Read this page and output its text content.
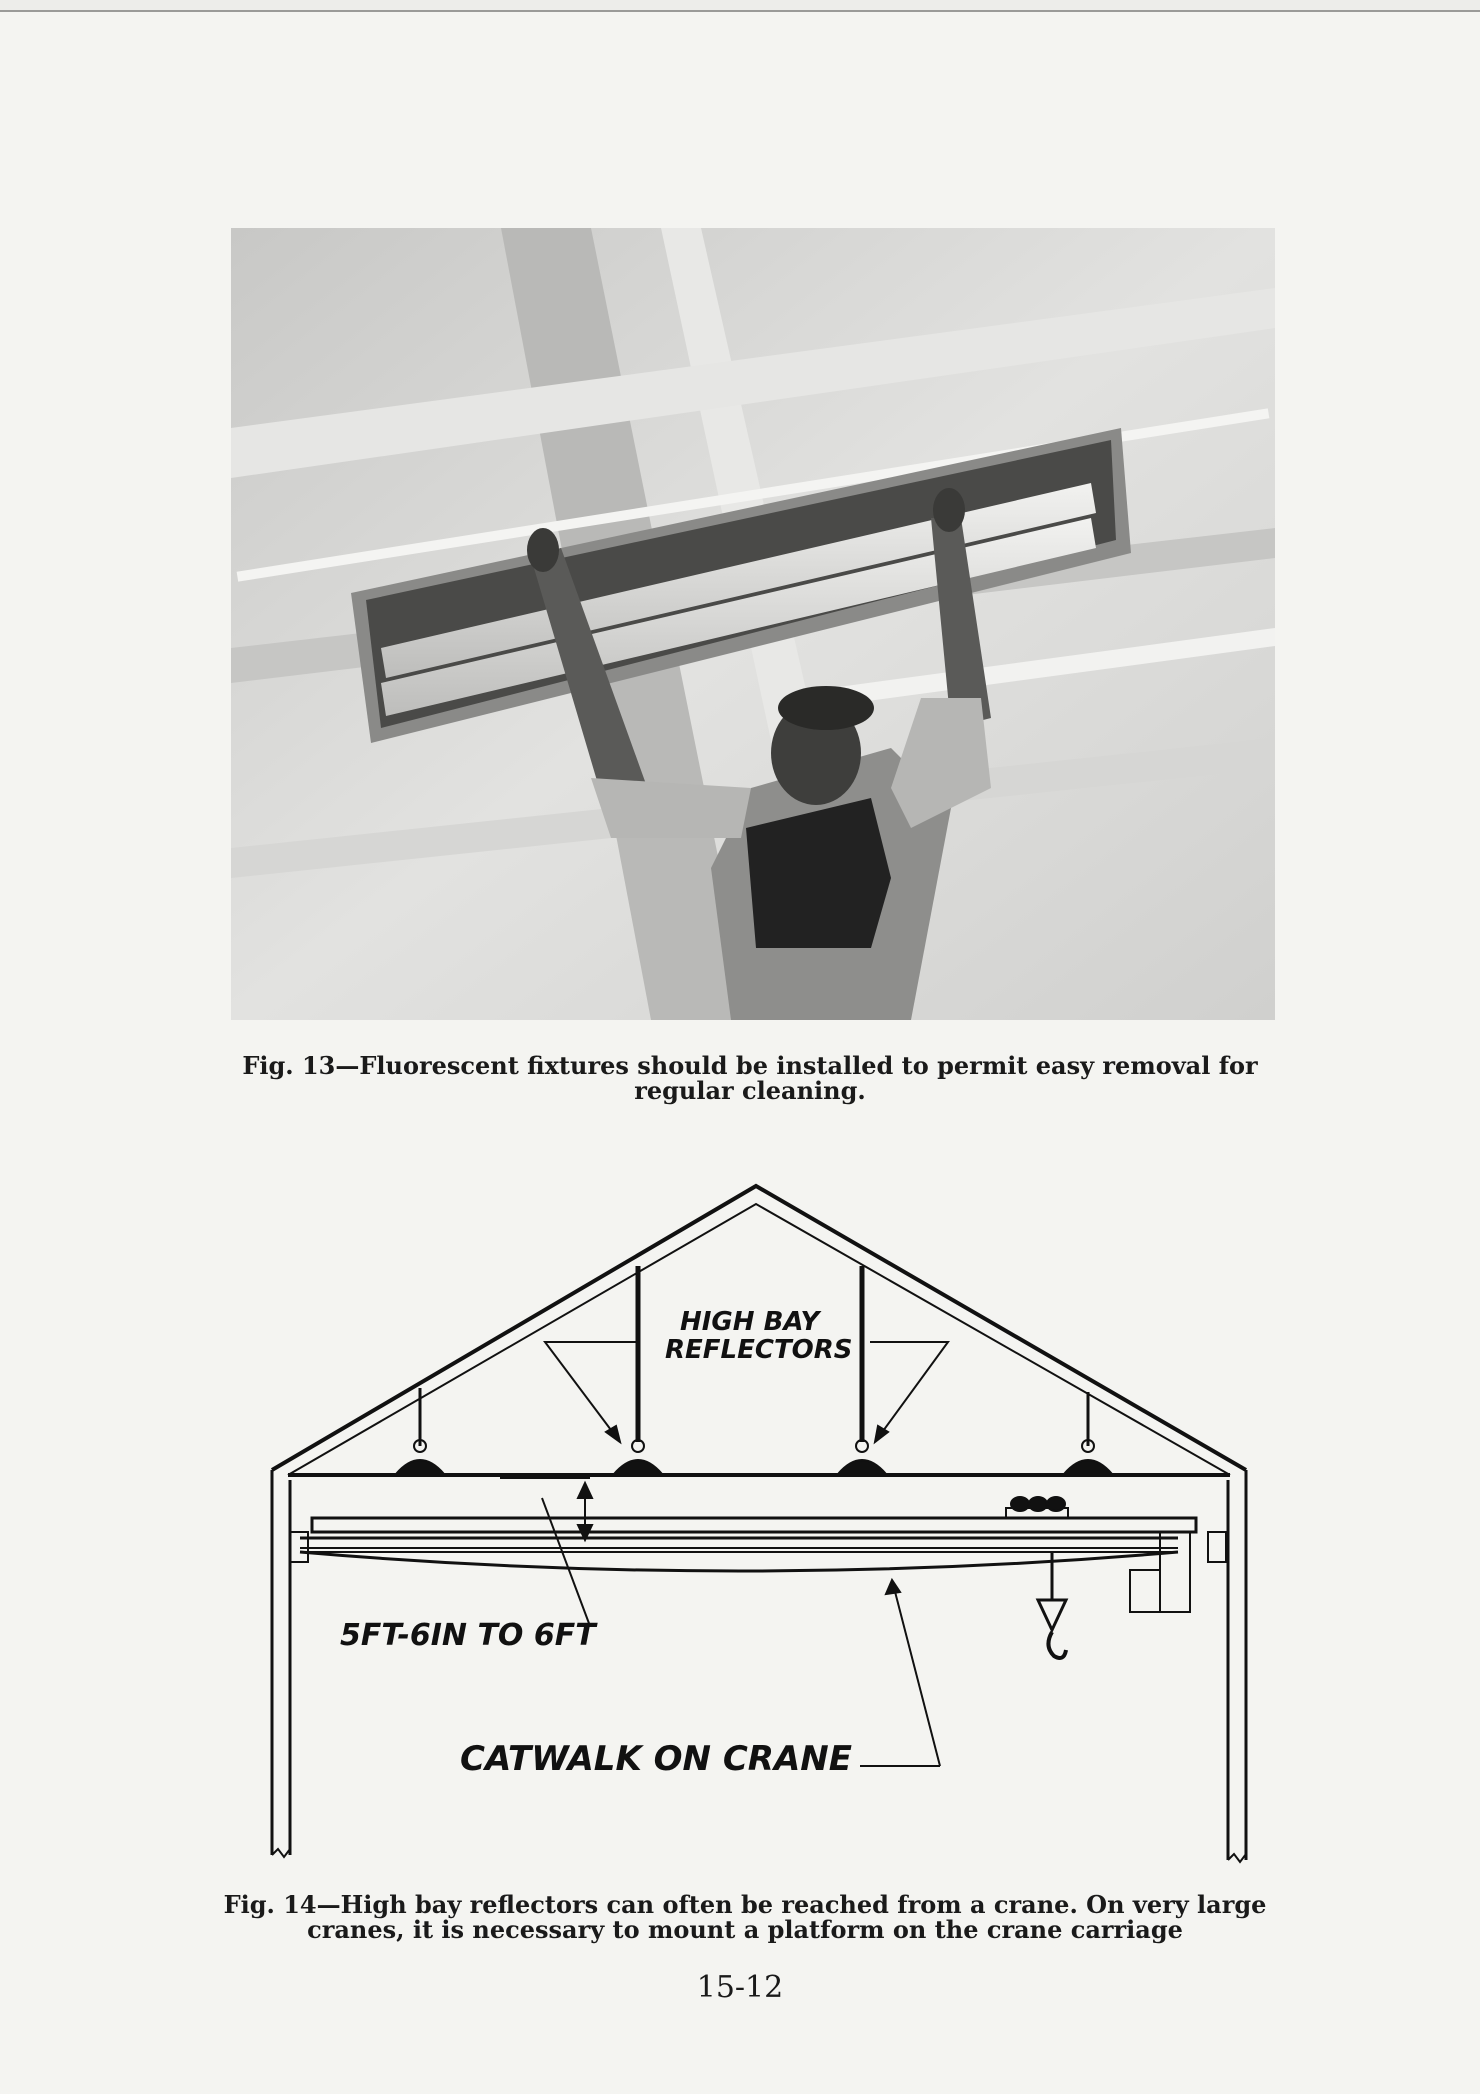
Fig. 13—Fluorescent fixtures should be installed to permit easy removal for
regular cleaning.
HIGH BAY
REFLECTORS
5FT-6IN TO 6FT
CATWALK ON CRANE
Fig. 14—High bay reflectors can often be reached from a crane. On very large
cranes, it is necessary to mount a platform on the crane carriage
15-12
